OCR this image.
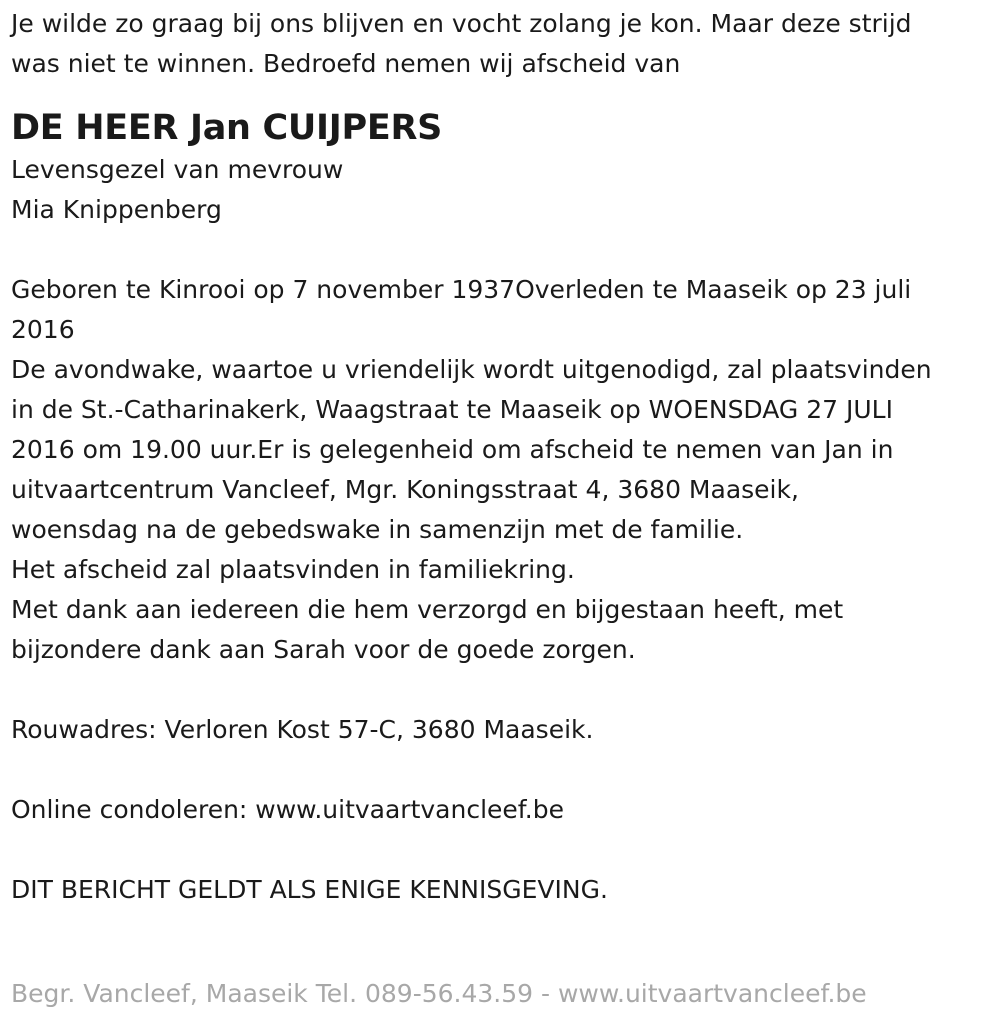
Je wilde zo graag bij ons blijven en vocht zolang je kon. Maar deze strijd

was niet te winnen. Bedroefd nemen wij afscheid van

DE HEER Jan CUIJPERS

Levensgezel van mevrouw

Mia Knippenberg

Geboren te Kinrooi op 7 november 1937Overleden te Maaseik op 23 juli

2016

De avondwake, waartoe u vriendelijk wordt uitgenodigd, zal plaatsvinden

in de St.-Catharinakerk, Waagstraat te Maaseik op WOENSDAG 27 JULI

2016 om 19.00 uur.Er is gelegenheid om afscheid te nemen van Jan in

uitvaartcentrum Vancleef, Mgr. Koningsstraat 4, 3680 Maaseik,

woensdag na de gebedswake in samenzijn met de familie.

Het afscheid zal plaatsvinden in familiekring.

Met dank aan iedereen die hem verzorgd en bijgestaan heeft, met

bijzondere dank aan Sarah voor de goede zorgen.

Rouwadres: Verloren Kost 57-C, 3680 Maaseik.

Online condoleren: www.uitvaartvancleef.be

DIT BERICHT GELDT ALS ENIGE KENNISGEVING.

Begr. Vancleef, Maaseik Tel. 089-56.43.59 - www.uitvaartvancleef.be
